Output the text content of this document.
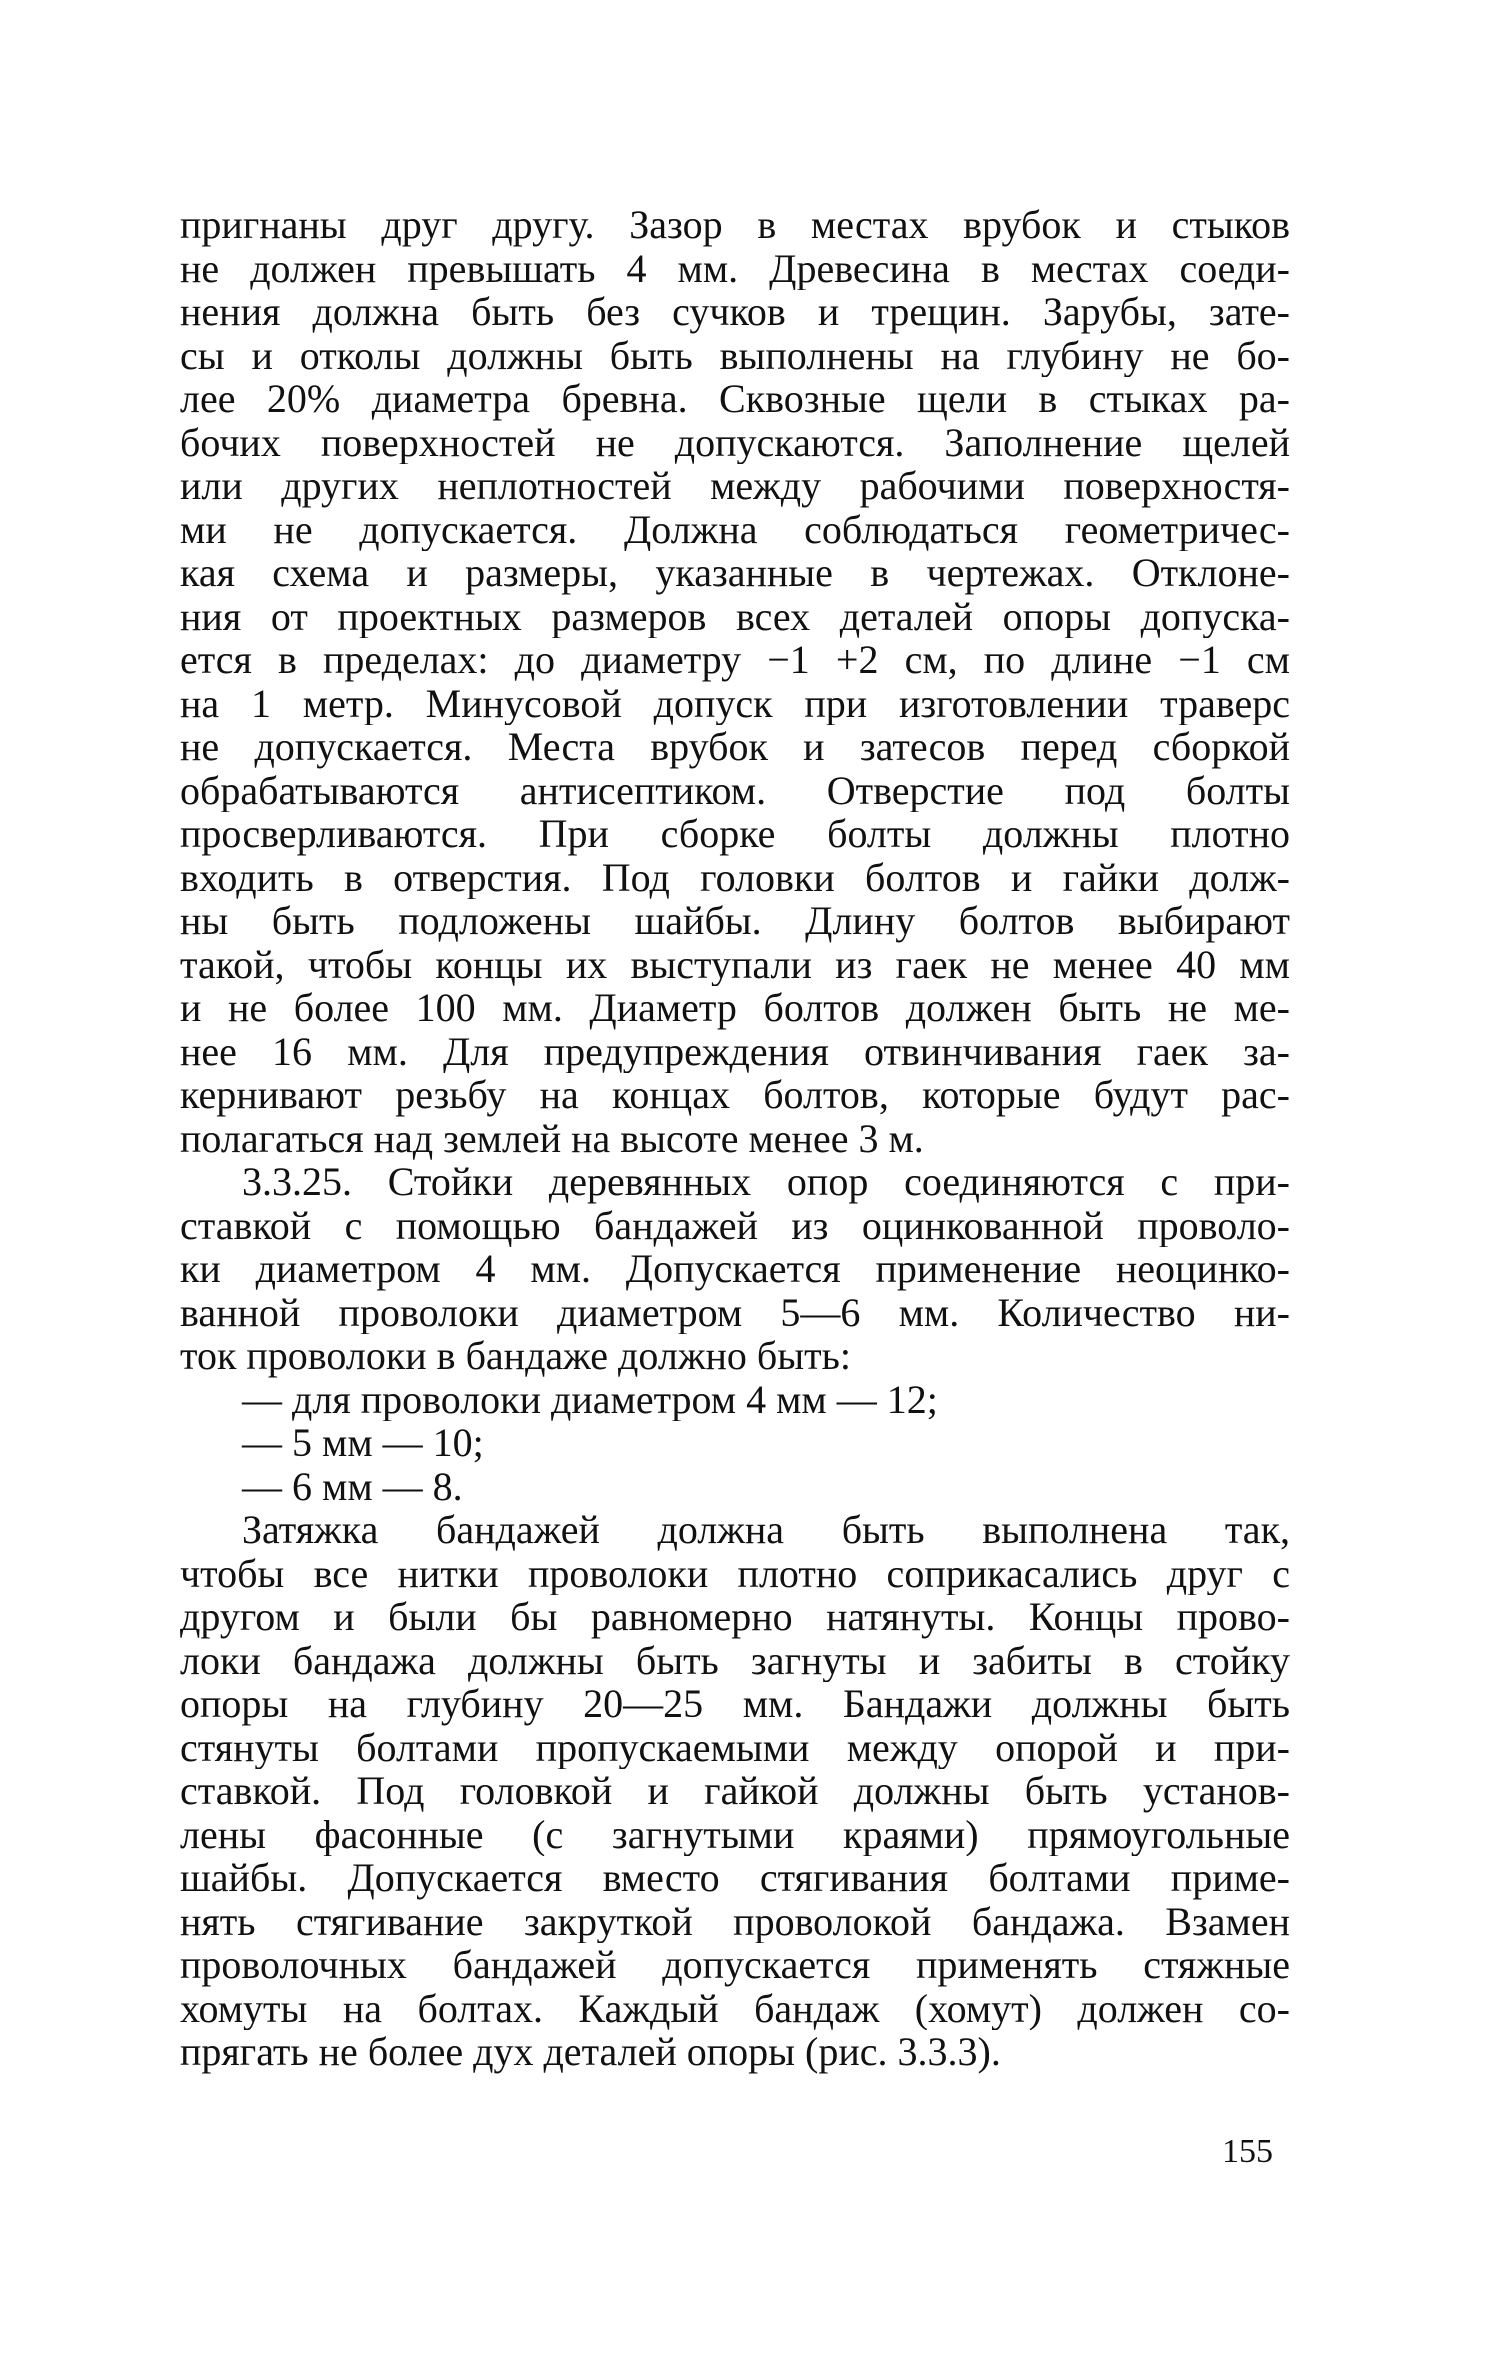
пригнаны друг другу. Зазор в местах врубок и стыков
не должен превышать 4 мм. Древесина в местах соеди-
нения должна быть без сучков и трещин. Зарубы, зате-
сы и отколы должны быть выполнены на глубину не бо-
лее 20% диаметра бревна. Сквозные щели в стыках ра-
бочих поверхностей не допускаются. Заполнение щелей
или других неплотностей между рабочими поверхностя-
ми не допускается. Должна соблюдаться геометричес-
кая схема и размеры, указанные в чертежах. Отклоне-
ния от проектных размеров всех деталей опоры допуска-
ется в пределах: до диаметру −1 +2 см, по длине −1 см
на 1 метр. Минусовой допуск при изготовлении траверс
не допускается. Места врубок и затесов перед сборкой
обрабатываются антисептиком. Отверстие под болты
просверливаются. При сборке болты должны плотно
входить в отверстия. Под головки болтов и гайки долж-
ны быть подложены шайбы. Длину болтов выбирают
такой, чтобы концы их выступали из гаек не менее 40 мм
и не более 100 мм. Диаметр болтов должен быть не ме-
нее 16 мм. Для предупреждения отвинчивания гаек за-
кернивают резьбу на концах болтов, которые будут рас-
полагаться над землей на высоте менее 3 м.
3.3.25. Стойки деревянных опор соединяются с при-
ставкой с помощью бандажей из оцинкованной проволо-
ки диаметром 4 мм. Допускается применение неоцинко-
ванной проволоки диаметром 5—6 мм. Количество ни-
ток проволоки в бандаже должно быть:
— для проволоки диаметром 4 мм — 12;
— 5 мм — 10;
— 6 мм — 8.
Затяжка бандажей должна быть выполнена так,
чтобы все нитки проволоки плотно соприкасались друг с
другом и были бы равномерно натянуты. Концы прово-
локи бандажа должны быть загнуты и забиты в стойку
опоры на глубину 20—25 мм. Бандажи должны быть
стянуты болтами пропускаемыми между опорой и при-
ставкой. Под головкой и гайкой должны быть установ-
лены фасонные (с загнутыми краями) прямоугольные
шайбы. Допускается вместо стягивания болтами приме-
нять стягивание закруткой проволокой бандажа. Взамен
проволочных бандажей допускается применять стяжные
хомуты на болтах. Каждый бандаж (хомут) должен со-
прягать не более дух деталей опоры (рис. 3.3.3).
155
